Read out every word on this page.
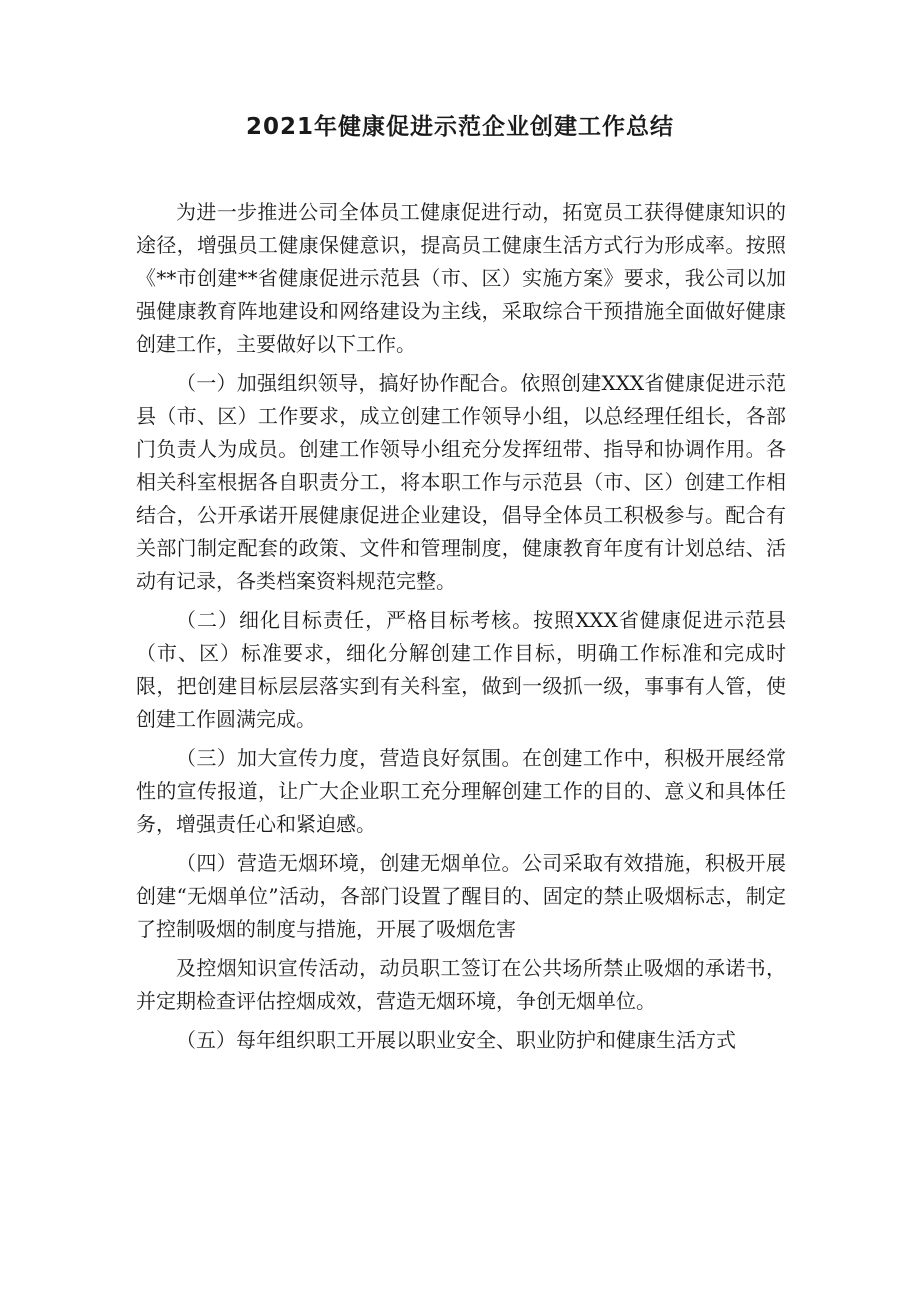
2021年健康促进示范企业创建工作总结

为进一步推进公司全体员工健康促进行动，拓宽员工获得健康知识的途径，增强员工健康保健意识，提高员工健康生活方式行为形成率。按照《**市创建**省健康促进示范县（市、区）实施方案》要求，我公司以加强健康教育阵地建设和网络建设为主线，采取综合干预措施全面做好健康创建工作，主要做好以下工作。

（一）加强组织领导，搞好协作配合。依照创建XXX省健康促进示范县（市、区）工作要求，成立创建工作领导小组，以总经理任组长，各部门负责人为成员。创建工作领导小组充分发挥纽带、指导和协调作用。各相关科室根据各自职责分工，将本职工作与示范县（市、区）创建工作相结合，公开承诺开展健康促进企业建设，倡导全体员工积极参与。配合有关部门制定配套的政策、文件和管理制度，健康教育年度有计划总结、活动有记录，各类档案资料规范完整。

（二）细化目标责任，严格目标考核。按照XXX省健康促进示范县（市、区）标准要求，细化分解创建工作目标，明确工作标准和完成时限，把创建目标层层落实到有关科室，做到一级抓一级，事事有人管，使创建工作圆满完成。

（三）加大宣传力度，营造良好氛围。在创建工作中，积极开展经常性的宣传报道，让广大企业职工充分理解创建工作的目的、意义和具体任务，增强责任心和紧迫感。

（四）营造无烟环境，创建无烟单位。公司采取有效措施，积极开展创建“无烟单位”活动，各部门设置了醒目的、固定的禁止吸烟标志，制定了控制吸烟的制度与措施，开展了吸烟危害

及控烟知识宣传活动，动员职工签订在公共场所禁止吸烟的承诺书，并定期检查评估控烟成效，营造无烟环境，争创无烟单位。

（五）每年组织职工开展以职业安全、职业防护和健康生活方式
